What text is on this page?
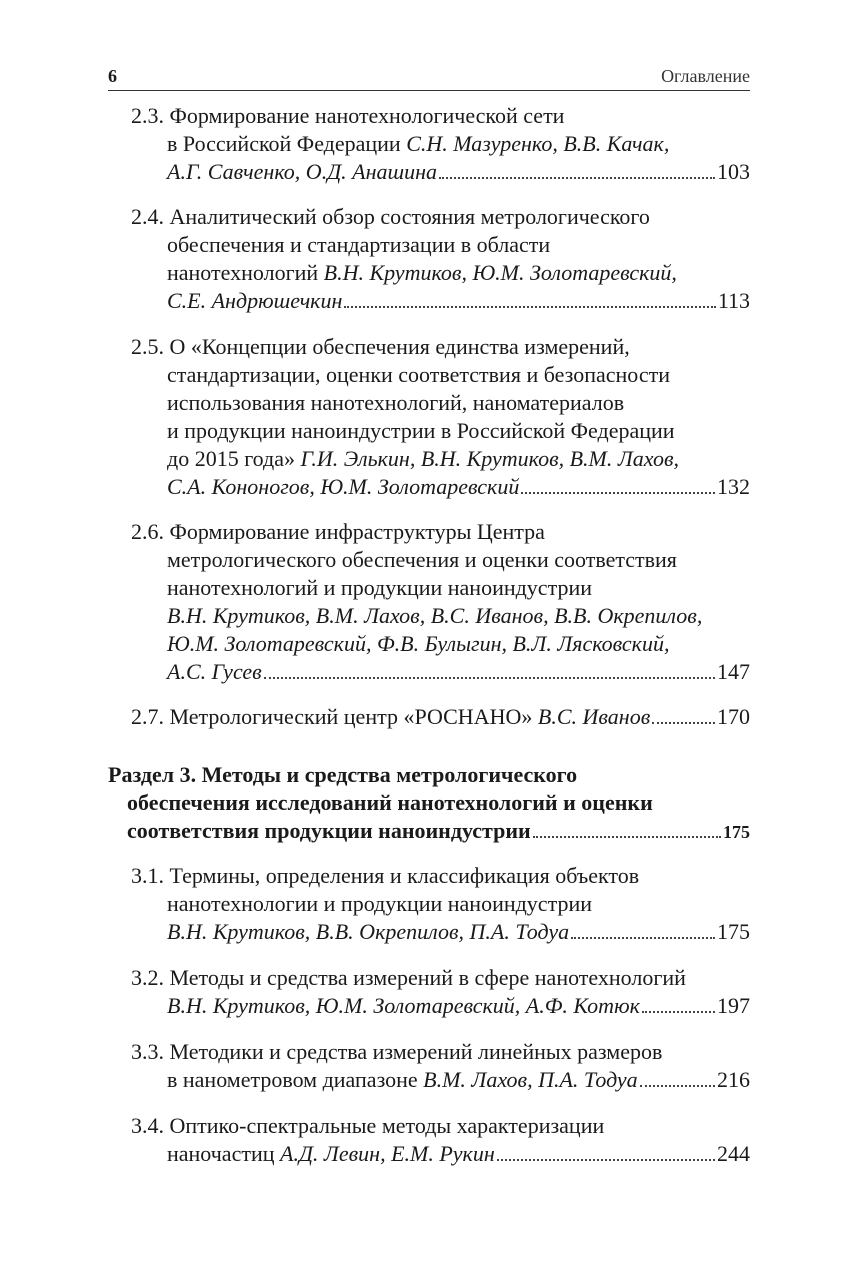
6	Оглавление
2.3. Формирование нанотехнологической сети
в Российской Федерации С.Н. Мазуренко, В.В. Качак,
А.Г. Савченко, О.Д. Анашина	103
2.4. Аналитический обзор состояния метрологического
обеспечения и стандартизации в области
нанотехнологий В.Н. Крутиков, Ю.М. Золотаревский,
С.Е. Андрюшечкин	113
2.5. О «Концепции обеспечения единства измерений,
стандартизации, оценки соответствия и безопасности
использования нанотехнологий, наноматериалов
и продукции наноиндустрии в Российской Федерации
до 2015 года» Г.И. Элькин, В.Н. Крутиков, В.М. Лахов,
С.А. Кононогов, Ю.М. Золотаревский	132
2.6. Формирование инфраструктуры Центра
метрологического обеспечения и оценки соответствия
нанотехнологий и продукции наноиндустрии
В.Н. Крутиков, В.М. Лахов, В.С. Иванов, В.В. Окрепилов,
Ю.М. Золотаревский, Ф.В. Булыгин, В.Л. Лясковский,
А.С. Гусев	147
2.7. Метрологический центр «РОСНАНО» В.С. Иванов	170
Раздел 3. Методы и средства метрологического
обеспечения исследований нанотехнологий и оценки
соответствия продукции наноиндустрии	175
3.1. Термины, определения и классификация объектов
нанотехнологии и продукции наноиндустрии
В.Н. Крутиков, В.В. Окрепилов, П.А. Тодуа	175
3.2. Методы и средства измерений в сфере нанотехнологий
В.Н. Крутиков, Ю.М. Золотаревский, А.Ф. Котюк	197
3.3. Методики и средства измерений линейных размеров
в нанометровом диапазоне В.М. Лахов, П.А. Тодуа	216
3.4. Оптико-спектральные методы характеризации
наночастиц А.Д. Левин, Е.М. Рукин	244
